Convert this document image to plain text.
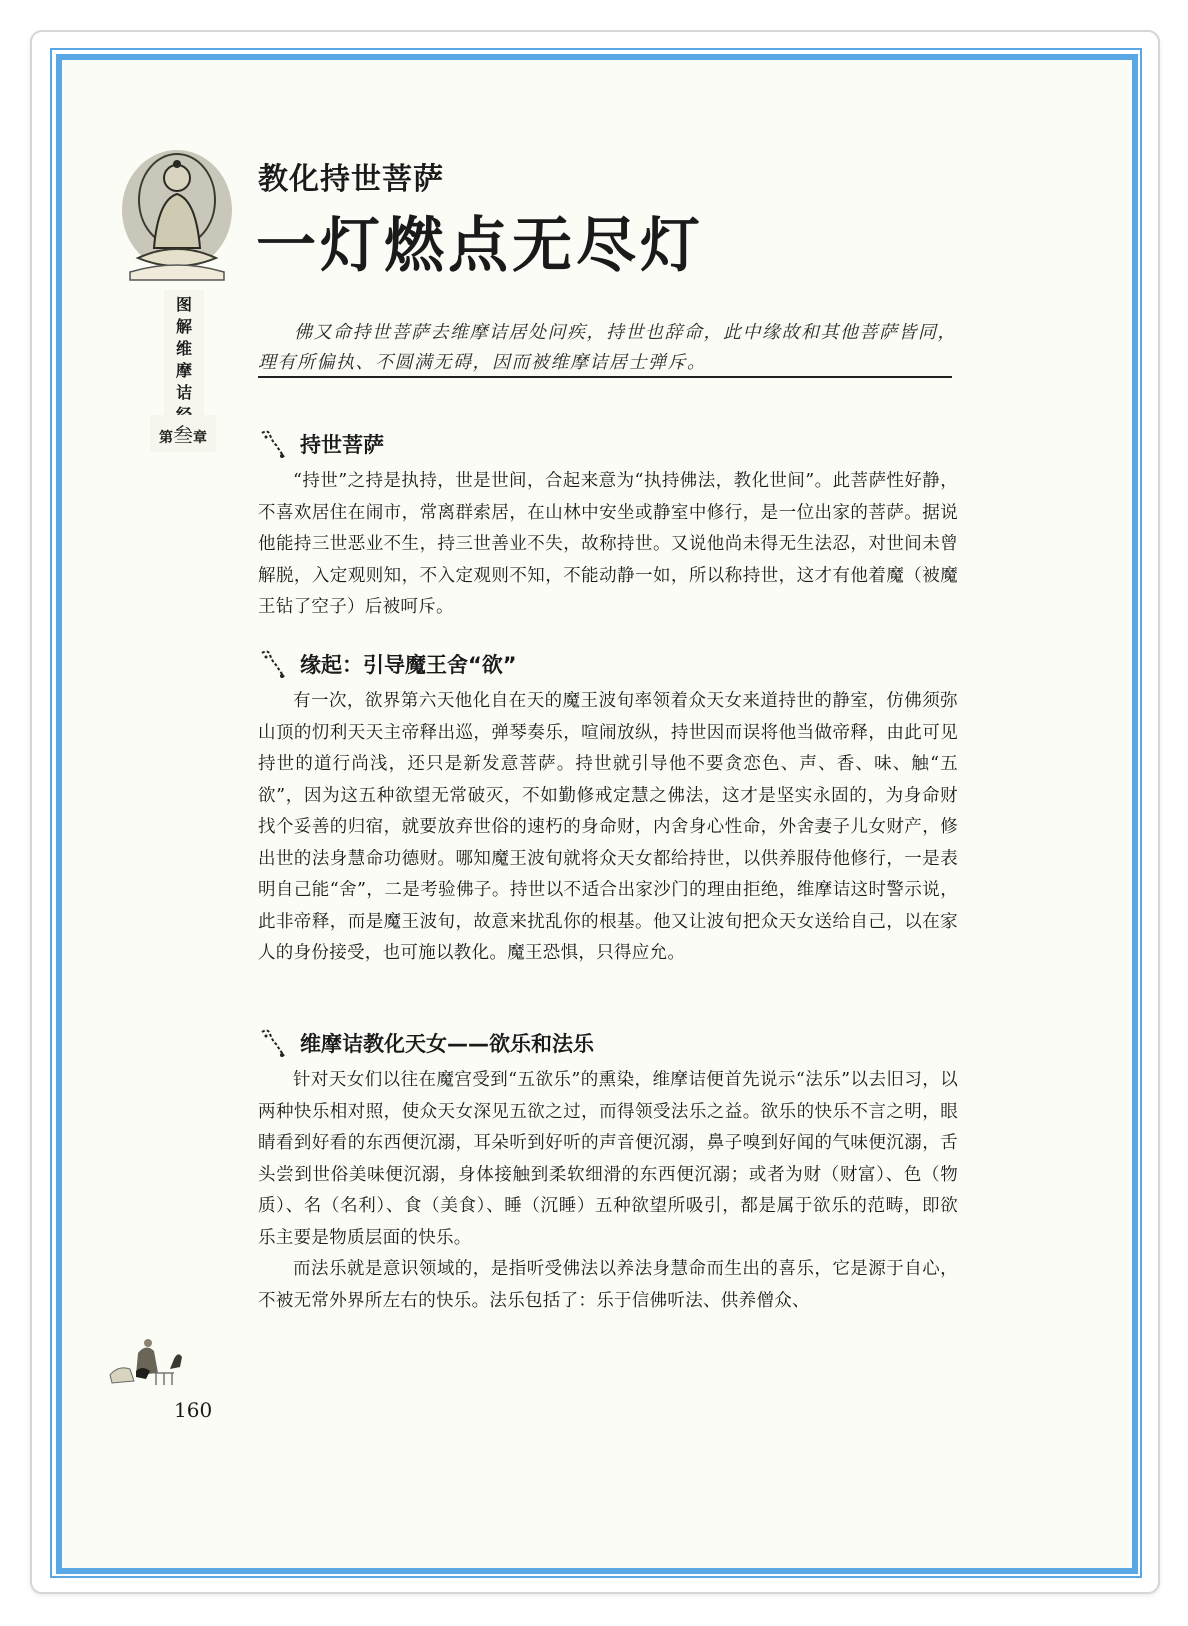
图
解
维
摩
诘
第叁章
教化持世菩萨
一灯燃点无尽灯

佛又命持世菩萨去维摩诘居处问疾，持世也辞命，此中缘故和其他菩萨皆同，理有所偏执、不圆满无碍，因而被维摩诘居士弹斥。

持世菩萨

“持世”之持是执持，世是世间，合起来意为“执持佛法，教化世间”。此菩萨性好静，不喜欢居住在闹市，常离群索居，在山林中安坐或静室中修行，是一位出家的菩萨。据说他能持三世恶业不生，持三世善业不失，故称持世。又说他尚未得无生法忍，对世间未曾解脱，入定观则知，不入定观则不知，不能动静一如，所以称持世，这才有他着魔（被魔王钻了空子）后被呵斥。

缘起：引导魔王舍“欲”

有一次，欲界第六天他化自在天的魔王波旬率领着众天女来道持世的静室，仿佛须弥山顶的忉利天天主帝释出巡，弹琴奏乐，喧闹放纵，持世因而误将他当做帝释，由此可见持世的道行尚浅，还只是新发意菩萨。持世就引导他不要贪恋色、声、香、味、触“五欲”，因为这五种欲望无常破灭，不如勤修戒定慧之佛法，这才是坚实永固的，为身命财找个妥善的归宿，就要放弃世俗的速朽的身命财，内舍身心性命，外舍妻子儿女财产，修出世的法身慧命功德财。哪知魔王波旬就将众天女都给持世，以供养服侍他修行，一是表明自己能“舍”，二是考验佛子。持世以不适合出家沙门的理由拒绝，维摩诘这时警示说，此非帝释，而是魔王波旬，故意来扰乱你的根基。他又让波旬把众天女送给自己，以在家人的身份接受，也可施以教化。魔王恐惧，只得应允。

维摩诘教化天女——欲乐和法乐

针对天女们以往在魔宫受到“五欲乐”的熏染，维摩诘便首先说示“法乐”以去旧习，以两种快乐相对照，使众天女深见五欲之过，而得领受法乐之益。欲乐的快乐不言之明，眼睛看到好看的东西便沉溺，耳朵听到好听的声音便沉溺，鼻子嗅到好闻的气味便沉溺，舌头尝到世俗美味便沉溺，身体接触到柔软细滑的东西便沉溺；或者为财（财富）、色（物质）、名（名利）、食（美食）、睡（沉睡）五种欲望所吸引，都是属于欲乐的范畴，即欲乐主要是物质层面的快乐。

而法乐就是意识领域的，是指听受佛法以养法身慧命而生出的喜乐，它是源于自心，不被无常外界所左右的快乐。法乐包括了：乐于信佛听法、供养僧众、

160
